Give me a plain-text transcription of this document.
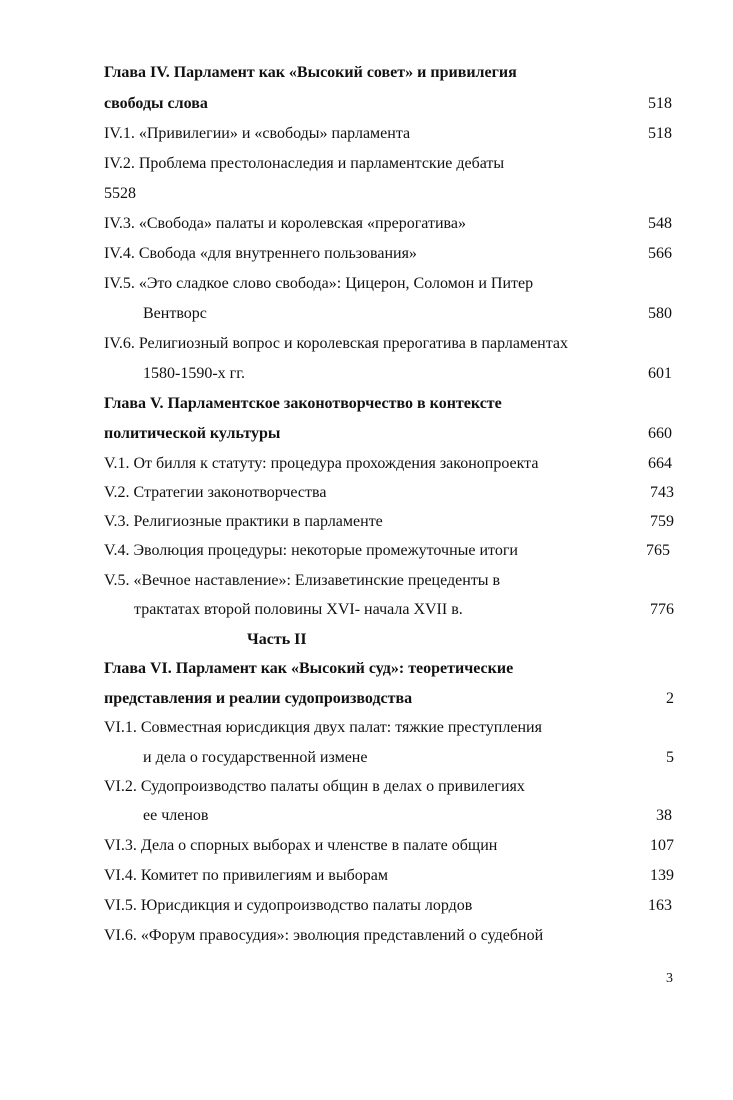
Глава IV. Парламент как «Высокий совет» и привилегия
свободы слова	518
IV.1. «Привилегии» и «свободы» парламента	518
IV.2. Проблема престолонаследия и парламентские дебаты
5528
IV.3. «Свобода» палаты и королевская «прерогатива»	548
IV.4. Свобода «для внутреннего пользования»	566
IV.5. «Это сладкое слово свобода»: Цицерон, Соломон и Питер
Вентворс	580
IV.6. Религиозный вопрос и королевская прерогатива в парламентах
1580-1590-х гг.	601
Глава V. Парламентское законотворчество в контексте
политической культуры	660
V.1. От билля к статуту: процедура прохождения законопроекта	664
V.2. Стратегии законотворчества	743
V.3. Религиозные практики в парламенте	759
V.4. Эволюция процедуры: некоторые промежуточные итоги	765
V.5. «Вечное наставление»: Елизаветинские прецеденты в
трактатах второй половины XVI- начала XVII в.	776
Часть II
Глава VI. Парламент как «Высокий суд»: теоретические
представления и реалии судопроизводства	2
VI.1. Совместная юрисдикция двух палат: тяжкие преступления
и дела о государственной измене	5
VI.2. Судопроизводство палаты общин в делах о привилегиях
ее членов	38
VI.3. Дела о спорных выборах и членстве в палате общин	107
VI.4. Комитет по привилегиям и выборам	139
VI.5. Юрисдикция и судопроизводство палаты лордов	163
VI.6. «Форум правосудия»: эволюция представлений о судебной
3
